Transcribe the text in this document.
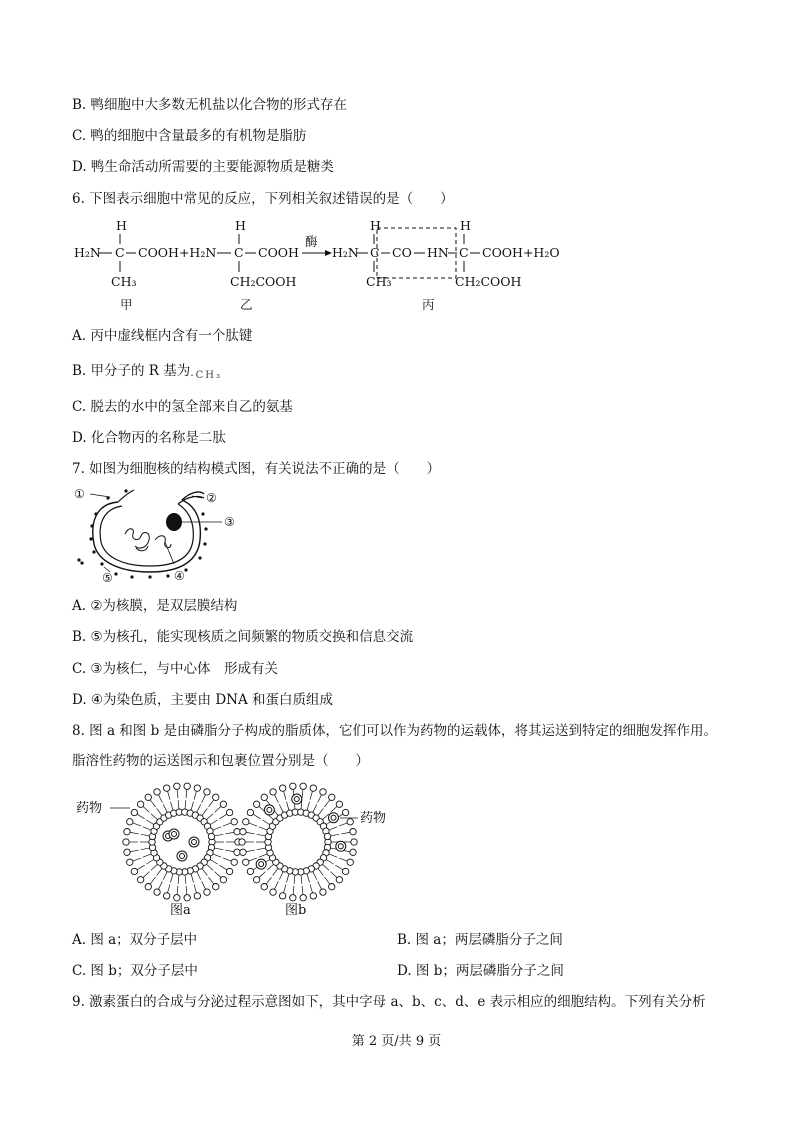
B. 鸭细胞中大多数无机盐以化合物的形式存在
C. 鸭的细胞中含量最多的有机物是脂肪
D. 鸭生命活动所需要的主要能源物质是糖类
6. 下图表示细胞中常见的反应，下列相关叙述错误的是（　　）
H
H₂N C COOH+H₂N
CH₃
甲
H
C COOH
CH₂COOH
乙
酶
H₂N
H
C CO HN
H
C COOH+H₂O
CH₃	CH₂COOH
丙
A. 丙中虚线框内含有一个肽键
B. 甲分子的 R 基为$_{-CH_3}$
C. 脱去的水中的氢全部来自乙的氨基
D. 化合物丙的名称是二肽
7. 如图为细胞核的结构模式图，有关说法不正确的是（　　）
①	②
③
④
⑤
A. ②为核膜，是双层膜结构
B. ⑤为核孔，能实现核质之间频繁的物质交换和信息交流
C. ③为核仁，与中心体　形成有关
D. ④为染色质，主要由 DNA 和蛋白质组成
8. 图 a 和图 b 是由磷脂分子构成的脂质体，它们可以作为药物的运载体，将其运送到特定的细胞发挥作用。
脂溶性药物的运送图示和包裹位置分别是（　　）
药物
药物
图a	图b
A. 图 a；双分子层中	B. 图 a；两层磷脂分子之间
C. 图 b；双分子层中	D. 图 b；两层磷脂分子之间
9. 激素蛋白的合成与分泌过程示意图如下，其中字母 a、b、c、d、e 表示相应的细胞结构。下列有关分析
第 2 页/共 9 页
